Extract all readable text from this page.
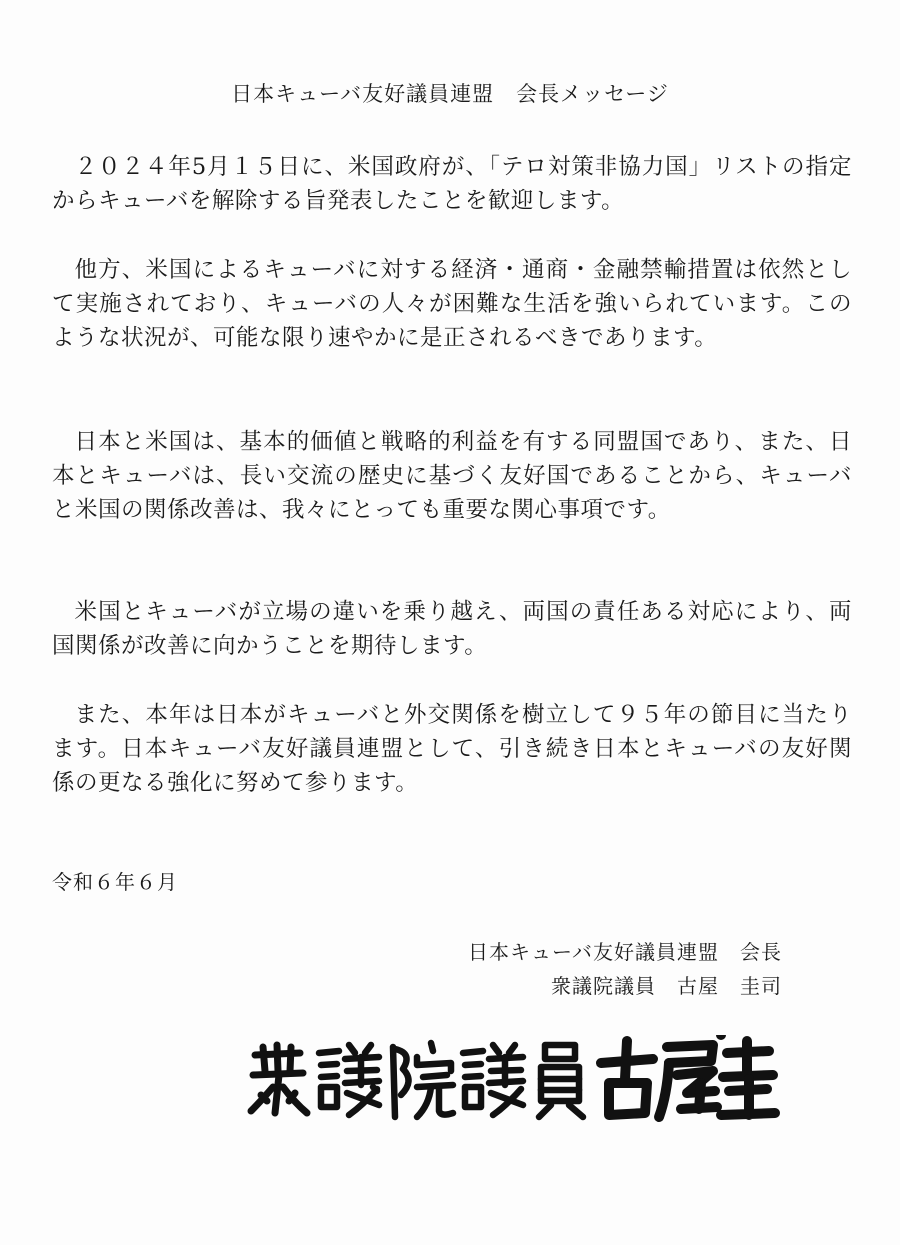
日本キューバ友好議員連盟　会長メッセージ

２０２４年5月１５日に、米国政府が、「テロ対策非協力国」リストの指定からキューバを解除する旨発表したことを歓迎します。

他方、米国によるキューバに対する経済・通商・金融禁輸措置は依然として実施されており、キューバの人々が困難な生活を強いられています。このような状況が、可能な限り速やかに是正されるべきであります。

日本と米国は、基本的価値と戦略的利益を有する同盟国であり、また、日本とキューバは、長い交流の歴史に基づく友好国であることから、キューバと米国の関係改善は、我々にとっても重要な関心事項です。

米国とキューバが立場の違いを乗り越え、両国の責任ある対応により、両国関係が改善に向かうことを期待します。

また、本年は日本がキューバと外交関係を樹立して９５年の節目に当たります。日本キューバ友好議員連盟として、引き続き日本とキューバの友好関係の更なる強化に努めて参ります。

令和６年６月
日本キューバ友好議員連盟　会長
衆議院議員　古屋　圭司
